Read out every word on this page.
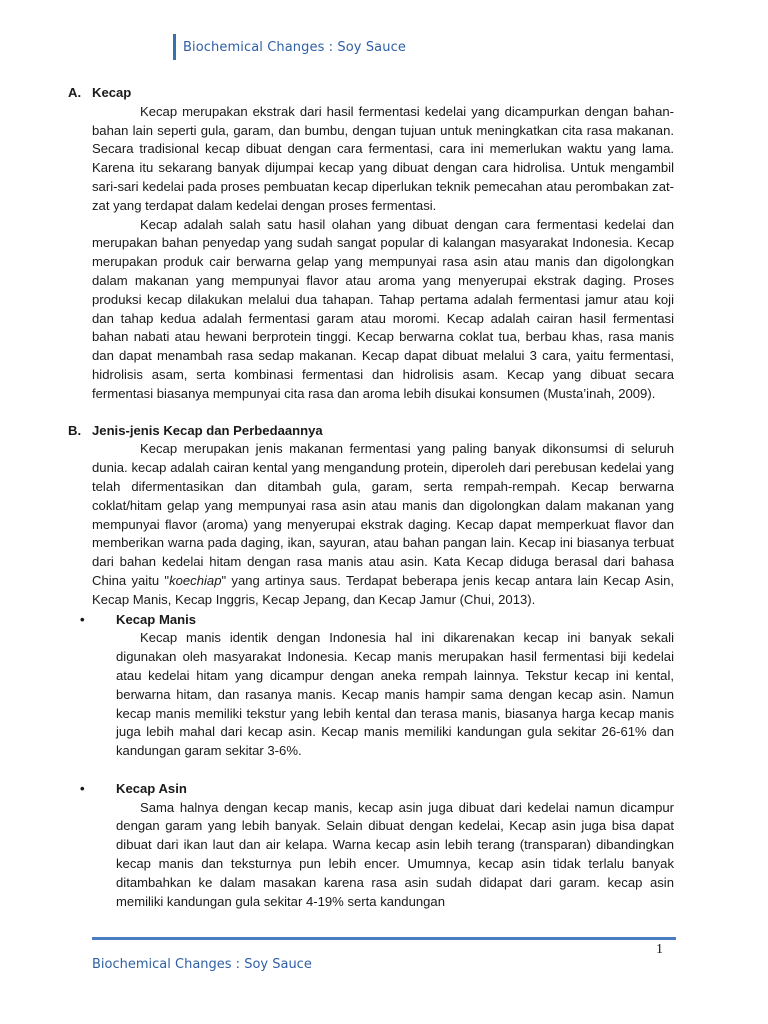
Biochemical Changes : Soy Sauce
A. Kecap

Kecap merupakan ekstrak dari hasil fermentasi kedelai yang dicampurkan dengan bahan-bahan lain seperti gula, garam, dan bumbu, dengan tujuan untuk meningkatkan cita rasa makanan. Secara tradisional kecap dibuat dengan cara fermentasi, cara ini memerlukan waktu yang lama. Karena itu sekarang banyak dijumpai kecap yang dibuat dengan cara hidrolisa. Untuk mengambil sari-sari kedelai pada proses pembuatan kecap diperlukan teknik pemecahan atau perombakan zat-zat yang terdapat dalam kedelai dengan proses fermentasi.

Kecap adalah salah satu hasil olahan yang dibuat dengan cara fermentasi kedelai dan merupakan bahan penyedap yang sudah sangat popular di kalangan masyarakat Indonesia. Kecap merupakan produk cair berwarna gelap yang mempunyai rasa asin atau manis dan digolongkan dalam makanan yang mempunyai flavor atau aroma yang menyerupai ekstrak daging. Proses produksi kecap dilakukan melalui dua tahapan. Tahap pertama adalah fermentasi jamur atau koji dan tahap kedua adalah fermentasi garam atau moromi. Kecap adalah cairan hasil fermentasi bahan nabati atau hewani berprotein tinggi. Kecap berwarna coklat tua, berbau khas, rasa manis dan dapat menambah rasa sedap makanan. Kecap dapat dibuat melalui 3 cara, yaitu fermentasi, hidrolisis asam, serta kombinasi fermentasi dan hidrolisis asam. Kecap yang dibuat secara fermentasi biasanya mempunyai cita rasa dan aroma lebih disukai konsumen (Musta’inah, 2009).

B. Jenis-jenis Kecap dan Perbedaannya

Kecap merupakan jenis makanan fermentasi yang paling banyak dikonsumsi di seluruh dunia. kecap adalah cairan kental yang mengandung protein, diperoleh dari perebusan kedelai yang telah difermentasikan dan ditambah gula, garam, serta rempah-rempah. Kecap berwarna coklat/hitam gelap yang mempunyai rasa asin atau manis dan digolongkan dalam makanan yang mempunyai flavor (aroma) yang menyerupai ekstrak daging. Kecap dapat memperkuat flavor dan memberikan warna pada daging, ikan, sayuran, atau bahan pangan lain. Kecap ini biasanya terbuat dari bahan kedelai hitam dengan rasa manis atau asin. Kata Kecap diduga berasal dari bahasa China yaitu "koechiap" yang artinya saus. Terdapat beberapa jenis kecap antara lain Kecap Asin, Kecap Manis, Kecap Inggris, Kecap Jepang, dan Kecap Jamur (Chui, 2013).

•	Kecap Manis

Kecap manis identik dengan Indonesia hal ini dikarenakan kecap ini banyak sekali digunakan oleh masyarakat Indonesia. Kecap manis merupakan hasil fermentasi biji kedelai atau kedelai hitam yang dicampur dengan aneka rempah lainnya. Tekstur kecap ini kental, berwarna hitam, dan rasanya manis. Kecap manis hampir sama dengan kecap asin. Namun kecap manis memiliki tekstur yang lebih kental dan terasa manis, biasanya harga kecap manis juga lebih mahal dari kecap asin. Kecap manis memiliki kandungan gula sekitar 26-61% dan kandungan garam sekitar 3-6%.

•	Kecap Asin

Sama halnya dengan kecap manis, kecap asin juga dibuat dari kedelai namun dicampur dengan garam yang lebih banyak. Selain dibuat dengan kedelai, Kecap asin juga bisa dapat dibuat dari ikan laut dan air kelapa. Warna kecap asin lebih terang (transparan) dibandingkan kecap manis dan teksturnya pun lebih encer. Umumnya, kecap asin tidak terlalu banyak ditambahkan ke dalam masakan karena rasa asin sudah didapat dari garam. kecap asin memiliki kandungan gula sekitar 4-19% serta kandungan

1
Biochemical Changes : Soy Sauce
